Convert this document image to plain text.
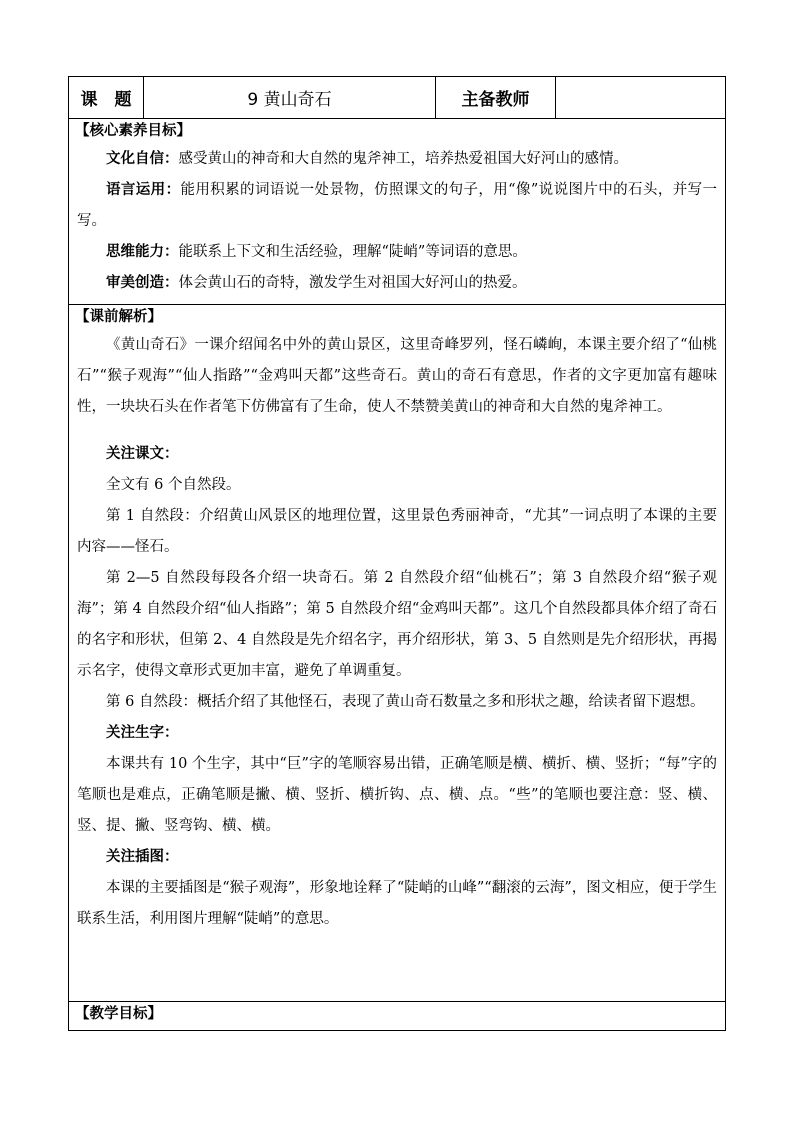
课　题	9 黄山奇石	主备教师
【核心素养目标】

文化自信：感受黄山的神奇和大自然的鬼斧神工，培养热爱祖国大好河山的感情。

语言运用：能用积累的词语说一处景物，仿照课文的句子，用“像”说说图片中的石头，并写一写。

思维能力：能联系上下文和生活经验，理解“陡峭”等词语的意思。

审美创造：体会黄山石的奇特，激发学生对祖国大好河山的热爱。

【课前解析】

《黄山奇石》一课介绍闻名中外的黄山景区，这里奇峰罗列，怪石嶙峋，本课主要介绍了“仙桃石”“猴子观海”“仙人指路”“金鸡叫天都”这些奇石。黄山的奇石有意思，作者的文字更加富有趣味性，一块块石头在作者笔下仿佛富有了生命，使人不禁赞美黄山的神奇和大自然的鬼斧神工。

关注课文：

全文有 6 个自然段。

第 1 自然段：介绍黄山风景区的地理位置，这里景色秀丽神奇，“尤其”一词点明了本课的主要内容——怪石。

第 2—5 自然段每段各介绍一块奇石。第 2 自然段介绍“仙桃石”；第 3 自然段介绍“猴子观海”；第 4 自然段介绍“仙人指路”；第 5 自然段介绍“金鸡叫天都”。这几个自然段都具体介绍了奇石的名字和形状，但第 2、4 自然段是先介绍名字，再介绍形状，第 3、5 自然则是先介绍形状，再揭示名字，使得文章形式更加丰富，避免了单调重复。

第 6 自然段：概括介绍了其他怪石，表现了黄山奇石数量之多和形状之趣，给读者留下遐想。

关注生字：

本课共有 10 个生字，其中“巨”字的笔顺容易出错，正确笔顺是横、横折、横、竖折；“每”字的笔顺也是难点，正确笔顺是撇、横、竖折、横折钩、点、横、点。“些”的笔顺也要注意：竖、横、竖、提、撇、竖弯钩、横、横。

关注插图：

本课的主要插图是“猴子观海”，形象地诠释了“陡峭的山峰”“翻滚的云海”，图文相应，便于学生联系生活，利用图片理解“陡峭”的意思。

【教学目标】
